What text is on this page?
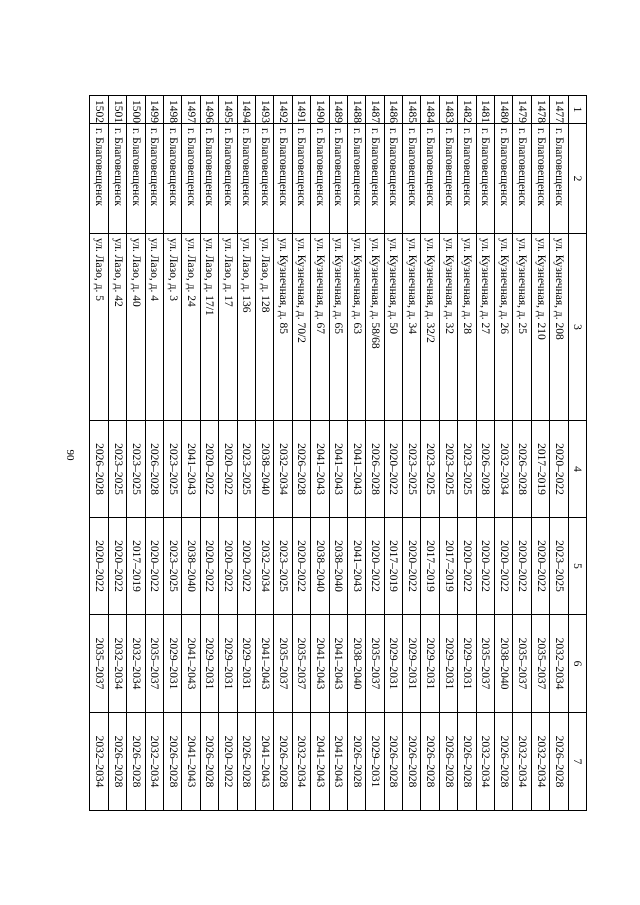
90
1	2	3	4	5	6	7
1477	г. Благовещенск	ул. Кузнечная, д. 208	2020–2022	2023–2025	2032–2034	2026–2028
1478	г. Благовещенск	ул. Кузнечная, д. 210	2017–2019	2020–2022	2035–2037	2032–2034
1479	г. Благовещенск	ул. Кузнечная, д. 25	2026–2028	2020–2022	2035–2037	2032–2034
1480	г. Благовещенск	ул. Кузнечная, д. 26	2032–2034	2020–2022	2038–2040	2026–2028
1481	г. Благовещенск	ул. Кузнечная, д. 27	2026–2028	2020–2022	2035–2037	2032–2034
1482	г. Благовещенск	ул. Кузнечная, д. 28	2023–2025	2020–2022	2029–2031	2026–2028
1483	г. Благовещенск	ул. Кузнечная, д. 32	2023–2025	2017–2019	2029–2031	2026–2028
1484	г. Благовещенск	ул. Кузнечная, д. 32/2	2023–2025	2017–2019	2029–2031	2026–2028
1485	г. Благовещенск	ул. Кузнечная, д. 34	2023–2025	2020–2022	2029–2031	2026–2028
1486	г. Благовещенск	ул. Кузнечная, д. 50	2020–2022	2017–2019	2029–2031	2026–2028
1487	г. Благовещенск	ул. Кузнечная, д. 58/68	2026–2028	2020–2022	2035–2037	2029–2031
1488	г. Благовещенск	ул. Кузнечная, д. 63	2041–2043	2041–2043	2038–2040	2026–2028
1489	г. Благовещенск	ул. Кузнечная, д. 65	2041–2043	2038–2040	2041–2043	2041–2043
1490	г. Благовещенск	ул. Кузнечная, д. 67	2041–2043	2038–2040	2041–2043	2041–2043
1491	г. Благовещенск	ул. Кузнечная, д. 70/2	2026–2028	2020–2022	2035–2037	2032–2034
1492	г. Благовещенск	ул. Кузнечная, д. 85	2032–2034	2023–2025	2035–2037	2026–2028
1493	г. Благовещенск	ул. Лазо, д. 128	2038–2040	2032–2034	2041–2043	2041–2043
1494	г. Благовещенск	ул. Лазо, д. 136	2023–2025	2020–2022	2029–2031	2026–2028
1495	г. Благовещенск	ул. Лазо, д. 17	2020–2022	2020–2022	2029–2031	2020–2022
1496	г. Благовещенск	ул. Лазо, д. 17/1	2020–2022	2020–2022	2029–2031	2026–2028
1497	г. Благовещенск	ул. Лазо, д. 24	2041–2043	2038–2040	2041–2043	2041–2043
1498	г. Благовещенск	ул. Лазо, д. 3	2023–2025	2023–2025	2029–2031	2026–2028
1499	г. Благовещенск	ул. Лазо, д. 4	2026–2028	2020–2022	2035–2037	2032–2034
1500	г. Благовещенск	ул. Лазо, д. 40	2023–2025	2017–2019	2032–2034	2026–2028
1501	г. Благовещенск	ул. Лазо, д. 42	2023–2025	2020–2022	2032–2034	2026–2028
1502	г. Благовещенск	ул. Лазо, д. 5	2026–2028	2020–2022	2035–2037	2032–2034
